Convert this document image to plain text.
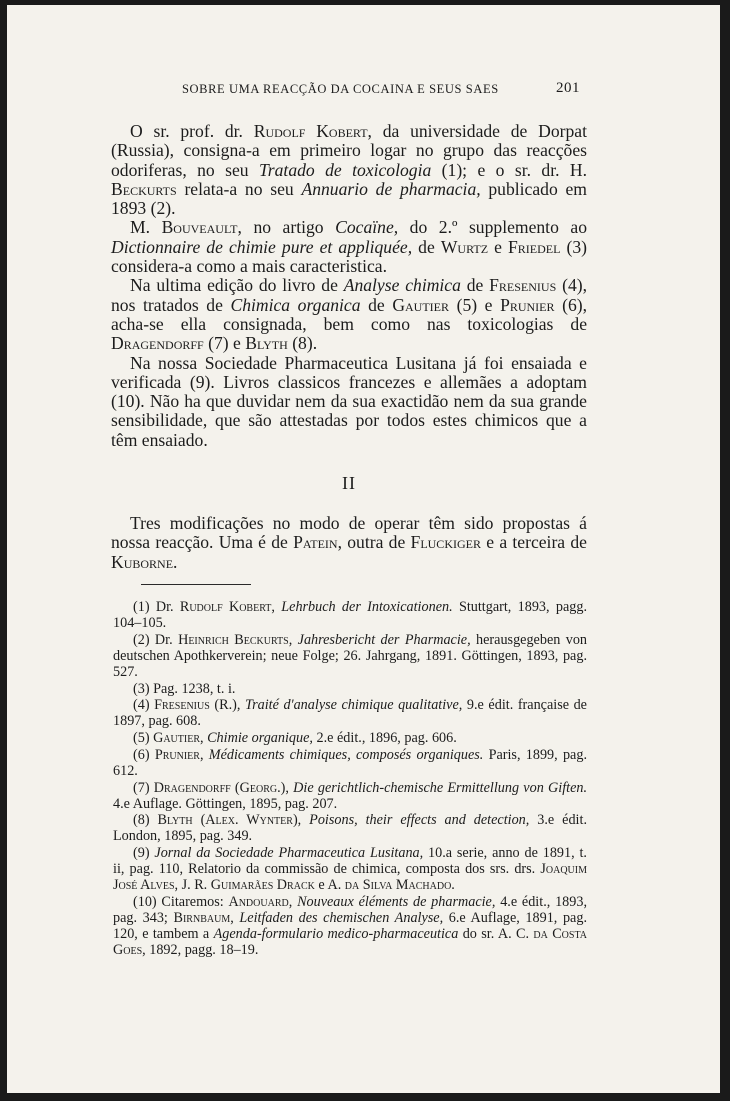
SOBRE UMA REACÇÃO DA COCAINA E SEUS SAES	201

O sr. prof. dr. Rudolf Kobert, da universidade de Dorpat (Russia), consigna-a em primeiro logar no grupo das reacções odoriferas, no seu Tratado de toxicologia (1); e o sr. dr. H. Beckurts relata-a no seu Annuario de pharmacia, publicado em 1893 (2).

M. Bouveault, no artigo Cocaïne, do 2.º supplemento ao Dictionnaire de chimie pure et appliquée, de Wurtz e Friedel (3) considera-a como a mais caracteristica.

Na ultima edição do livro de Analyse chimica de Fresenius (4), nos tratados de Chimica organica de Gautier (5) e Prunier (6), acha-se ella consignada, bem como nas toxicologias de Dragendorff (7) e Blyth (8).

Na nossa Sociedade Pharmaceutica Lusitana já foi ensaiada e verificada (9). Livros classicos francezes e allemães a adoptam (10). Não ha que duvidar nem da sua exactidão nem da sua grande sensibilidade, que são attestadas por todos estes chimicos que a têm ensaiado.

II

Tres modificações no modo de operar têm sido propostas á nossa reacção. Uma é de Patein, outra de Fluckiger e a terceira de Kuborne.

(1) Dr. Rudolf Kobert, Lehrbuch der Intoxicationen. Stuttgart, 1893, pagg. 104–105.

(2) Dr. Heinrich Beckurts, Jahresbericht der Pharmacie, herausgegeben von deutschen Apothkerverein; neue Folge; 26. Jahrgang, 1891. Göttingen, 1893, pag. 527.

(3) Pag. 1238, t. i.

(4) Fresenius (R.), Traité d'analyse chimique qualitative, 9.e édit. française de 1897, pag. 608.

(5) Gautier, Chimie organique, 2.e édit., 1896, pag. 606.

(6) Prunier, Médicaments chimiques, composés organiques. Paris, 1899, pag. 612.

(7) Dragendorff (Georg.), Die gerichtlich-chemische Ermittellung von Giften. 4.e Auflage. Göttingen, 1895, pag. 207.

(8) Blyth (Alex. Wynter), Poisons, their effects and detection, 3.e édit. London, 1895, pag. 349.

(9) Jornal da Sociedade Pharmaceutica Lusitana, 10.a serie, anno de 1891, t. ii, pag. 110, Relatorio da commissão de chimica, composta dos srs. drs. Joaquim José Alves, J. R. Guimarães Drack e A. da Silva Machado.

(10) Citaremos: Andouard, Nouveaux éléments de pharmacie, 4.e édit., 1893, pag. 343; Birnbaum, Leitfaden des chemischen Analyse, 6.e Auflage, 1891, pag. 120, e tambem a Agenda-formulario medico-pharmaceutica do sr. A. C. da Costa Goes, 1892, pagg. 18–19.
